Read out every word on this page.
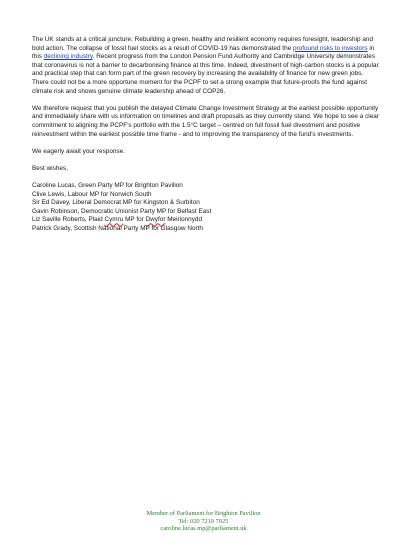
The UK stands at a critical juncture. Rebuilding a green, healthy and resilient economy requires foresight, leadership and bold action. The collapse of fossil fuel stocks as a result of COVID-19 has demonstrated the profound risks to investors in this declining industry. Recent progress from the London Pension Fund Authority and Cambridge University demonstrates that coronavirus is not a barrier to decarbonising finance at this time. Indeed, divestment of high-carbon stocks is a popular and practical step that can form part of the green recovery by increasing the availability of finance for new green jobs.

There could not be a more opportune moment for the PCPF to set a strong example that future-proofs the fund against climate risk and shows genuine climate leadership ahead of COP26.

We therefore request that you publish the delayed Climate Change Investment Strategy at the earliest possible opportunity and immediately share with us information on timelines and draft proposals as they currently stand. We hope to see a clear commitment to aligning the PCPF's portfolio with the 1.5°C target – centred on full fossil fuel divestment and positive reinvestment within the earliest possible time frame - and to improving the transparency of the fund's investments.

We eagerly await your response.

Best wishes,

Caroline Lucas, Green Party MP for Brighton Pavilion

Clive Lewis, Labour MP for Norwich South

Sir Ed Davey, Liberal Democrat MP for Kingston & Surbiton

Gavin Robinson, Democratic Unionist Party MP for Belfast East

Liz Saville Roberts, Plaid Cymru MP for Dwyfor Meirionnydd

Patrick Grady, Scottish National Party MP for Glasgow North

Member of Parliament for Brighton Pavilion
Tel: 020 7219 7025
caroline.lucas.mp@parliament.uk
